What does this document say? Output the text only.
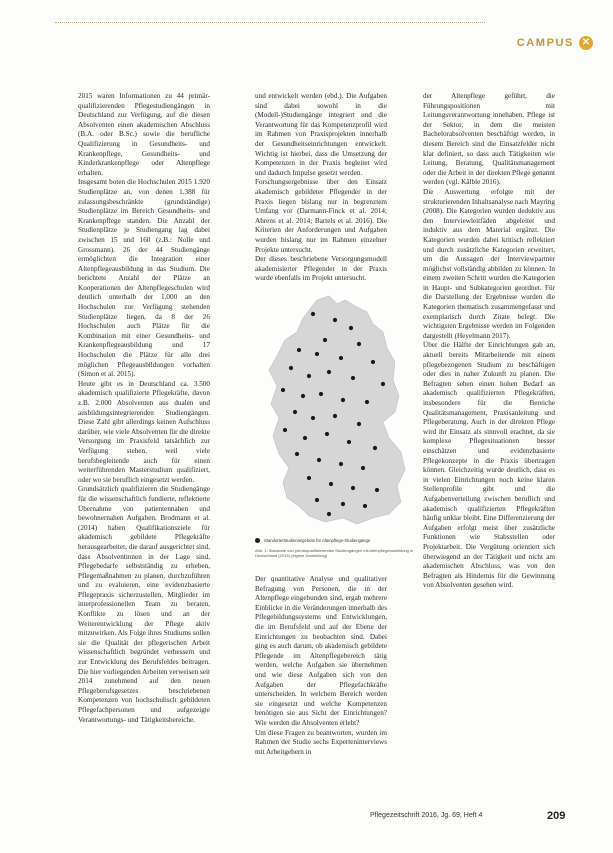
CAMPUS ✕

2015 waren Informationen zu 44 primär-qualifizierenden Pflegestudiengängen in Deutschland zur Verfügung, auf die diesen Absolventen einen akademischen Abschluss (B.A. oder B.Sc.) sowie die berufliche Qualifizierung in Gesundheits- und Krankenpflege, Gesundheits- und Kinderkrankenpflege oder Altenpflege erhalten.

Insgesamt boten die Hochschulen 2015 1.920 Studienplätze an, von denen 1.388 für zulassungsbeschränkte (grundständige) Studienplätze im Bereich Gesundheits- und Krankenpflege standen. Die Anzahl der Studienplätze je Studiengang lag dabei zwischen 15 und 160 (z.B.: Nolle und Grossmann). 26 der 44 Studiengänge ermöglichten die Integration einer Altenpflegeausbildung in das Studium. Die berichtete Anzahl der Plätze an Kooperationen der Altenpflegeschulen wird deutlich unterhalb der 1.000 an den Hochschulen zur Verfügung stehenden Studienplätze liegen, da 8 der 26 Hochschulen auch Plätze für die Kombination mit einer Gesundheits- und Krankenpflegeausbildung und 17 Hochschulen die Plätze für alle drei möglichen Pflegeausbildungen vorhalten (Simon et al. 2015).

Heute gibt es in Deutschland ca. 3.500 akademisch qualifizierte Pflegekräfte, davon z.B. 2.000 Absolventen aus dualen und ausbildungsintegrierenden Studiengängen. Diese Zahl gibt allerdings keinen Aufschluss darüber, wie viele Absolventen für die direkte Versorgung im Praxisfeld tatsächlich zur Verfügung stehen, weil viele berufsbegleitende auch für einen weiterführenden Masterstudium qualifiziert, oder wo sie beruflich eingesetzt werden.

Grundsätzlich qualifizieren die Studiengänge für die wissenschaftlich fundierte, reflektierte Übernahme von patientennahen und bewohnernahen Aufgaben. Brodmann et al. (2014) haben Qualifikationsziele für akademisch gebildete Pflegekräfte herausgearbeitet, die darauf ausgerichtet sind, dass Absolventinnen in der Lage sind, Pflegebedarfe selbstständig zu erheben, Pflegemaßnahmen zu planen, durchzuführen und zu evaluieren, eine evidenzbasierte Pflegepraxis sicherzustellen, Mitglieder im interprofessionellen Team zu beraten, Konflikte zu lösen und an der Weiterentwicklung der Pflege aktiv mitzuwirken. Als Folge ihres Studiums sollen sie die Qualität der pflegerischen Arbeit wissenschaftlich begründet verbessern und zur Entwicklung des Berufsfeldes beitragen. Die hier vorliegenden Arbeiten verweisen seit 2014 zunehmend auf den neuen Pflegeberufsgesetzes beschriebenen Kompetenzen von hochschulisch gebildeten Pflegefachpersonen und aufgezeigte Verantwortungs- und Tätigkeitsbereiche.

und entwickelt werden (ebd.). Die Aufgaben sind dabei sowohl in die (Modell-)Studiengänge integriert und die Verantwortung für das Kompetenzprofil wird im Rahmen von Praxisprojekten innerhalb der Gesundheitseinrichtungen entwickelt. Wichtig ist hierbei, dass die Umsetzung der Kompetenzen in der Praxis begleitet wird und dadurch Impulse gesetzt werden.

Forschungsergebnisse über den Einsatz akademisch gebildeter Pflegender in der Praxis liegen bislang nur in begrenztem Umfang vor (Darmann-Finck et al. 2014; Ahrens et al. 2014; Bartels et al. 2016). Die Kriterien der Anforderungen und Aufgaben wurden bislang nur im Rahmen einzelner Projekte untersucht.

Der dieses beschriebene Versorgungsmodell akademisierter Pflegender in der Praxis wurde ebenfalls im Projekt untersucht.

Standorte/Studienangebote für Altenpflege-Studiengänge
Abb. 1: Standorte von primärqualifizierenden Studiengängen mit Altenpflegeausbildung in Deutschland (2015) (eigene Darstellung)

Der quantitative Analyse und qualitativer Befragung von Personen, die in der Altenpflege eingebunden sind, ergab mehrere Einblicke in die Veränderungen innerhalb des Pflegebildungssystems und Entwicklungen, die im Berufsfeld und auf der Ebene der Einrichtungen zu beobachten sind. Dabei ging es auch darum, ob akademisch gebildete Pflegende im Altenpflegebereich tätig werden, welche Aufgaben sie übernehmen und wie diese Aufgaben sich von den Aufgaben der Pflegefachkräfte unterscheiden. In welchem Bereich werden sie eingesetzt und welche Kompetenzen benötigen sie aus Sicht der Einrichtungen? Wie werden die Absolventen erlebt?

Um diese Fragen zu beantworten, wurden im Rahmen der Studie sechs Experteninterviews mit Arbeitgebern in

der Altenpflege geführt, die Führungspositionen mit Leitungsverantwortung innehaben. Pflege ist der Sektor, in dem die meisten Bachelorabsolventen beschäftigt werden, in diesem Bereich sind die Einsatzfelder nicht klar definiert, so dass auch Tätigkeiten wie Leitung, Beratung, Qualitätsmanagement oder die Arbeit in der direkten Pflege genannt werden (vgl. Kälble 2016).

Die Auswertung erfolgte mit der strukturierenden Inhaltsanalyse nach Mayring (2008). Die Kategorien wurden deduktiv aus den Interviewleitfäden abgeleitet und induktiv aus dem Material ergänzt. Die Kategorien wurden dabei kritisch reflektiert und durch zusätzliche Kategorien erweitert, um die Aussagen der Interviewpartner möglichst vollständig abbilden zu können. In einem zweiten Schritt wurden die Kategorien in Haupt- und Subkategorien geordnet. Für die Darstellung der Ergebnisse wurden die Kategorien thematisch zusammengefasst und exemplarisch durch Zitate belegt. Die wichtigsten Ergebnisse werden im Folgenden dargestellt (Heyelmann 2017).

Über die Hälfte der Einrichtungen gab an, aktuell bereits Mitarbeitende mit einem pflegebezogenen Studium zu beschäftigen oder dies in naher Zukunft zu planen. Die Befragten sehen einen hohen Bedarf an akademisch qualifizierten Pflegekräften, insbesondere für die Bereiche Qualitätsmanagement, Praxisanleitung und Pflegeberatung. Auch in der direkten Pflege wird ihr Einsatz als sinnvoll erachtet, da sie komplexe Pflegesituationen besser einschätzen und evidenzbasierte Pflegekonzepte in die Praxis übertragen können. Gleichzeitig wurde deutlich, dass es in vielen Einrichtungen noch keine klaren Stellenprofile gibt und die Aufgabenverteilung zwischen beruflich und akademisch qualifizierten Pflegekräften häufig unklar bleibt. Eine Differenzierung der Aufgaben erfolgt meist über zusätzliche Funktionen wie Stabsstellen oder Projektarbeit. Die Vergütung orientiert sich überwiegend an der Tätigkeit und nicht am akademischen Abschluss, was von den Befragten als Hindernis für die Gewinnung von Absolventen gesehen wird.

Pflegezeitschrift 2016, Jg. 69, Heft 4	209
